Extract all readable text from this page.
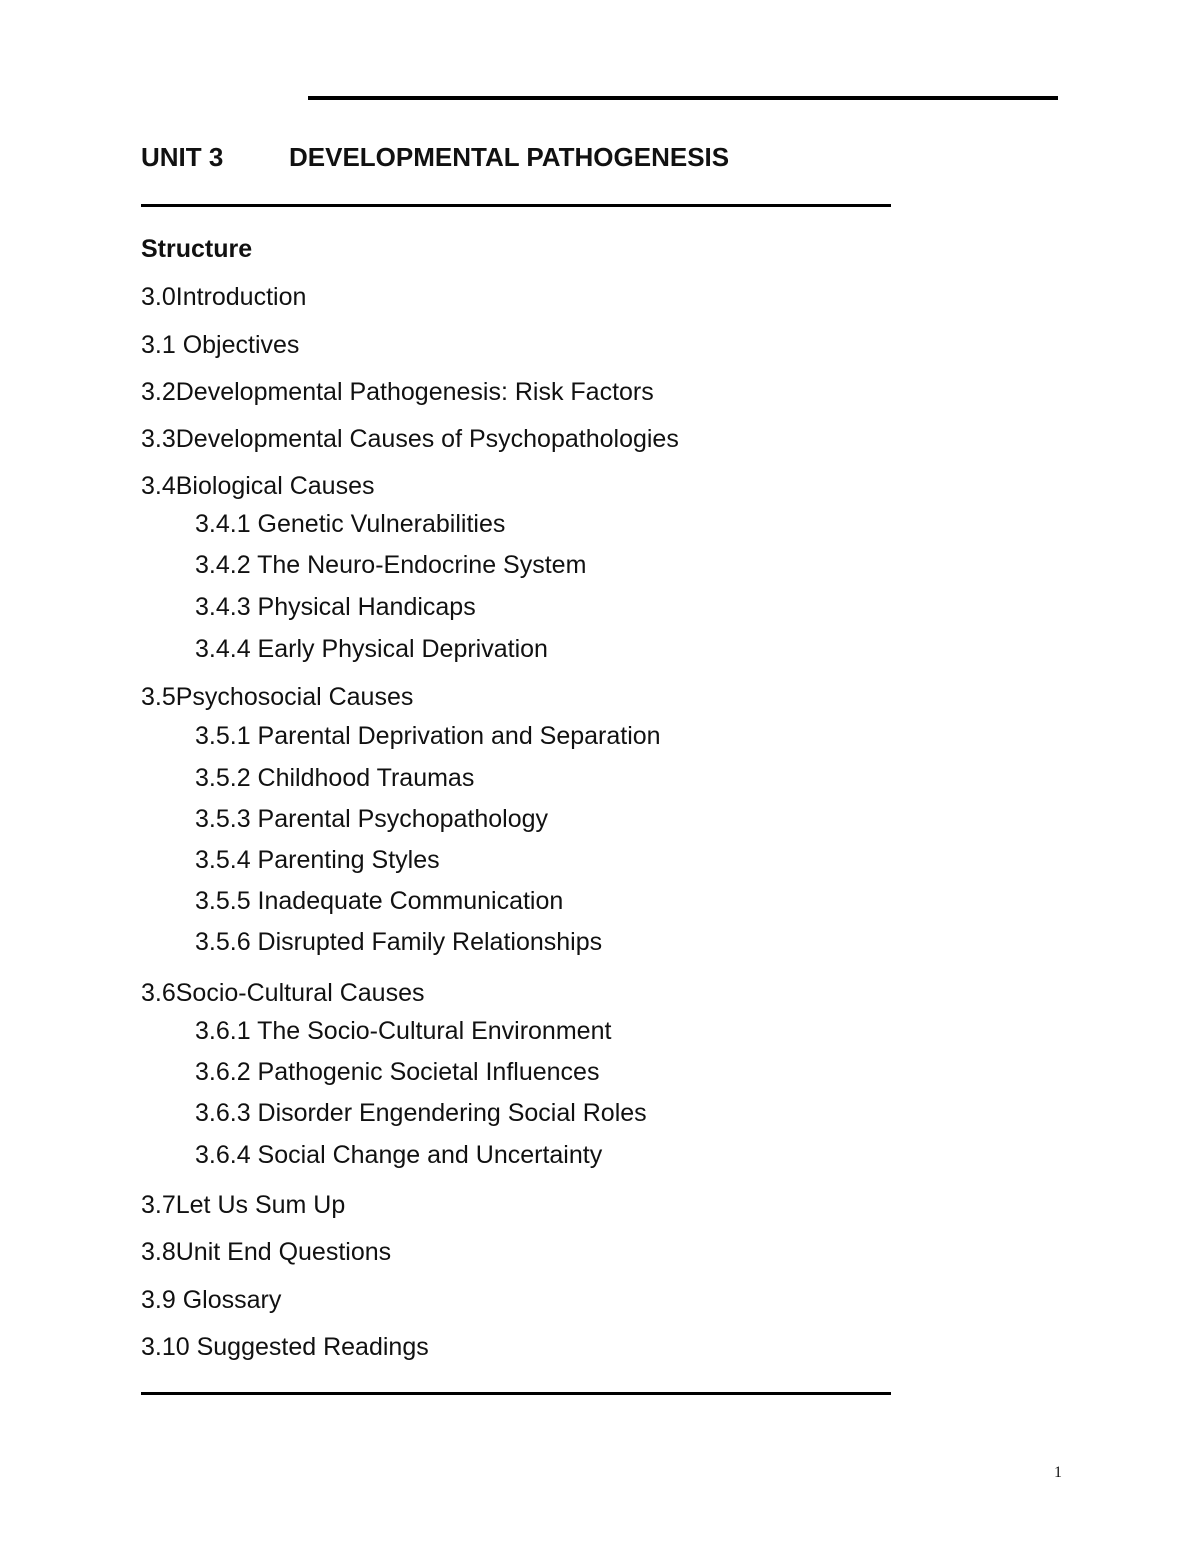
UNIT 3	DEVELOPMENTAL PATHOGENESIS
Structure
3.0Introduction
3.1 Objectives
3.2Developmental Pathogenesis: Risk Factors
3.3Developmental Causes of Psychopathologies
3.4Biological Causes
3.4.1 Genetic Vulnerabilities
3.4.2 The Neuro-Endocrine System
3.4.3 Physical Handicaps
3.4.4 Early Physical Deprivation
3.5Psychosocial Causes
3.5.1 Parental Deprivation and Separation
3.5.2 Childhood Traumas
3.5.3 Parental Psychopathology
3.5.4 Parenting Styles
3.5.5 Inadequate Communication
3.5.6 Disrupted Family Relationships
3.6Socio-Cultural Causes
3.6.1 The Socio-Cultural Environment
3.6.2 Pathogenic Societal Influences
3.6.3 Disorder Engendering Social Roles
3.6.4 Social Change and Uncertainty
3.7Let Us Sum Up
3.8Unit End Questions
3.9 Glossary
3.10 Suggested Readings
1
